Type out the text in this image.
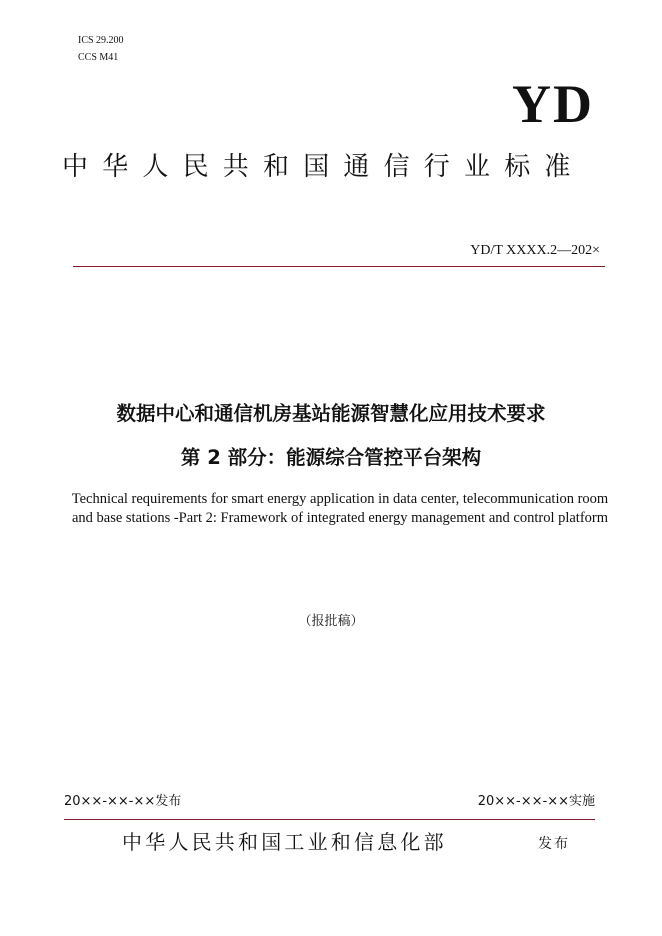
ICS 29.200
CCS M41
YD
中华人民共和国通信行业标准
YD/T XXXX.2—202×
数据中心和通信机房基站能源智慧化应用技术要求
第 2 部分：能源综合管控平台架构
Technical requirements for smart energy application in data center, telecommunication room and base stations -Part 2: Framework of integrated energy management and control platform
（报批稿）
20××-××-××发布	20××-××-××实施
中华人民共和国工业和信息化部	发布
